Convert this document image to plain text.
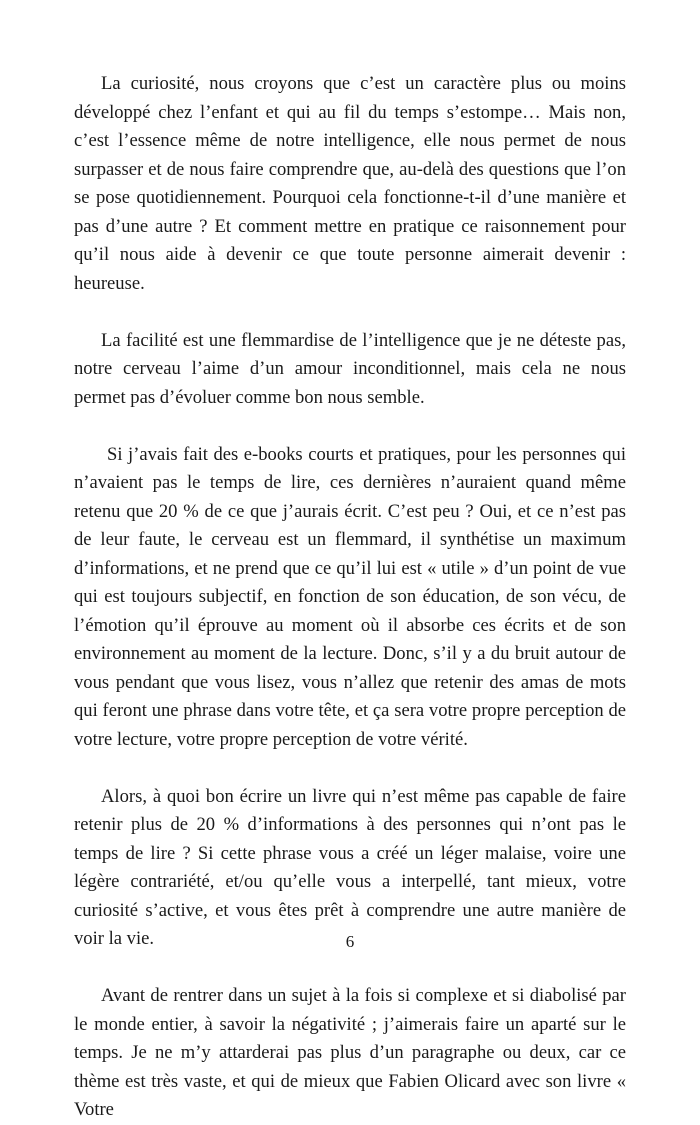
La curiosité, nous croyons que c’est un caractère plus ou moins développé chez l’enfant et qui au fil du temps s’estompe… Mais non, c’est l’essence même de notre intelligence, elle nous permet de nous surpasser et de nous faire comprendre que, au-delà des questions que l’on se pose quotidiennement. Pourquoi cela fonctionne-t-il d’une manière et pas d’une autre ? Et comment mettre en pratique ce raisonnement pour qu’il nous aide à devenir ce que toute personne aimerait devenir : heureuse.

La facilité est une flemmardise de l’intelligence que je ne déteste pas, notre cerveau l’aime d’un amour inconditionnel, mais cela ne nous permet pas d’évoluer comme bon nous semble.

Si j’avais fait des e-books courts et pratiques, pour les personnes qui n’avaient pas le temps de lire, ces dernières n’auraient quand même retenu que 20 % de ce que j’aurais écrit. C’est peu ? Oui, et ce n’est pas de leur faute, le cerveau est un flemmard, il synthétise un maximum d’informations, et ne prend que ce qu’il lui est « utile » d’un point de vue qui est toujours subjectif, en fonction de son éducation, de son vécu, de l’émotion qu’il éprouve au moment où il absorbe ces écrits et de son environnement au moment de la lecture. Donc, s’il y a du bruit autour de vous pendant que vous lisez, vous n’allez que retenir des amas de mots qui feront une phrase dans votre tête, et ça sera votre propre perception de votre lecture, votre propre perception de votre vérité.

Alors, à quoi bon écrire un livre qui n’est même pas capable de faire retenir plus de 20 % d’informations à des personnes qui n’ont pas le temps de lire ? Si cette phrase vous a créé un léger malaise, voire une légère contrariété, et/ou qu’elle vous a interpellé, tant mieux, votre curiosité s’active, et vous êtes prêt à comprendre une autre manière de voir la vie.

Avant de rentrer dans un sujet à la fois si complexe et si diabolisé par le monde entier, à savoir la négativité ; j’aimerais faire un aparté sur le temps. Je ne m’y attarderai pas plus d’un paragraphe ou deux, car ce thème est très vaste, et qui de mieux que Fabien Olicard avec son livre « Votre

6
